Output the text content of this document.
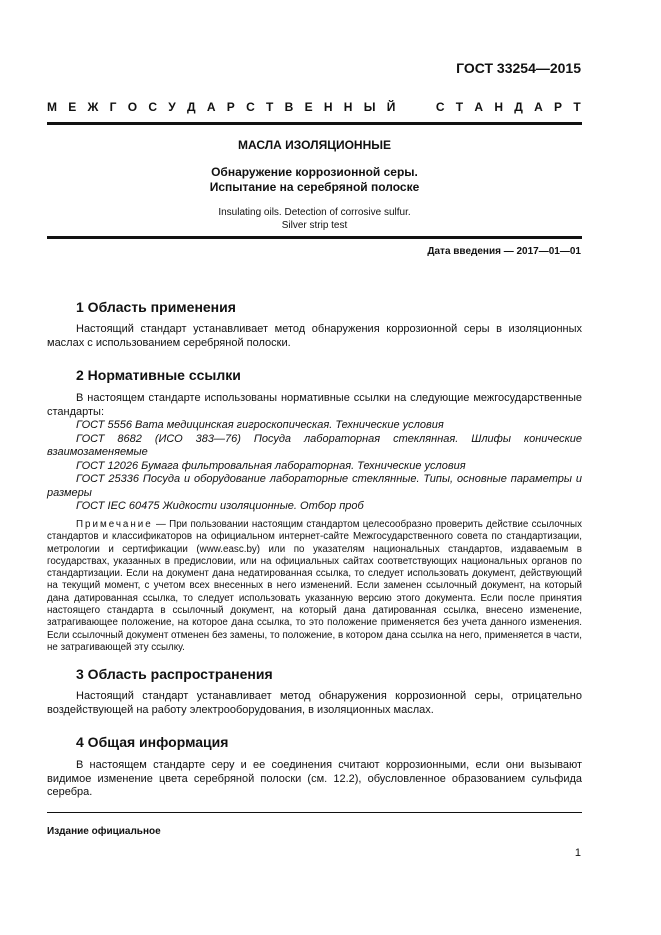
ГОСТ 33254—2015
М Е Ж Г О С У Д А Р С Т В Е Н Н Ы Й

	С Т А Н Д А Р Т
МАСЛА ИЗОЛЯЦИОННЫЕ
Обнаружение коррозионной серы.
Испытание на серебряной полоске
Insulating oils. Detection of corrosive sulfur.
Silver strip test
Дата введения — 2017—01—01
1 Область применения
Настоящий стандарт устанавливает метод обнаружения коррозионной серы в изоляционных маслах с использованием серебряной полоски.
2 Нормативные ссылки
В настоящем стандарте использованы нормативные ссылки на следующие межгосударственные стандарты:
ГОСТ 5556 Вата медицинская гигроскопическая. Технические условия
ГОСТ 8682 (ИСО 383—76) Посуда лабораторная стеклянная. Шлифы конические взаимозаменяемые
ГОСТ 12026 Бумага фильтровальная лабораторная. Технические условия
ГОСТ 25336 Посуда и оборудование лабораторные стеклянные. Типы, основные параметры и размеры
ГОСТ IEC 60475 Жидкости изоляционные. Отбор проб
Примечание — При пользовании настоящим стандартом целесообразно проверить действие ссылочных стандартов и классификаторов на официальном интернет-сайте Межгосударственного совета по стандартизации, метрологии и сертификации (www.easc.by) или по указателям национальных стандартов, издаваемым в государствах, указанных в предисловии, или на официальных сайтах соответствующих национальных органов по стандартизации. Если на документ дана недатированная ссылка, то следует использовать документ, действующий на текущий момент, с учетом всех внесенных в него изменений. Если заменен ссылочный документ, на который дана датированная ссылка, то следует использовать указанную версию этого документа. Если после принятия настоящего стандарта в ссылочный документ, на который дана датированная ссылка, внесено изменение, затрагивающее положение, на которое дана ссылка, то это положение применяется без учета данного изменения. Если ссылочный документ отменен без замены, то положение, в котором дана ссылка на него, применяется в части, не затрагивающей эту ссылку.
3 Область распространения
Настоящий стандарт устанавливает метод обнаружения коррозионной серы, отрицательно воздействующей на работу электрооборудования, в изоляционных маслах.
4 Общая информация
В настоящем стандарте серу и ее соединения считают коррозионными, если они вызывают видимое изменение цвета серебряной полоски (см. 12.2), обусловленное образованием сульфида серебра.
Издание официальное
1
